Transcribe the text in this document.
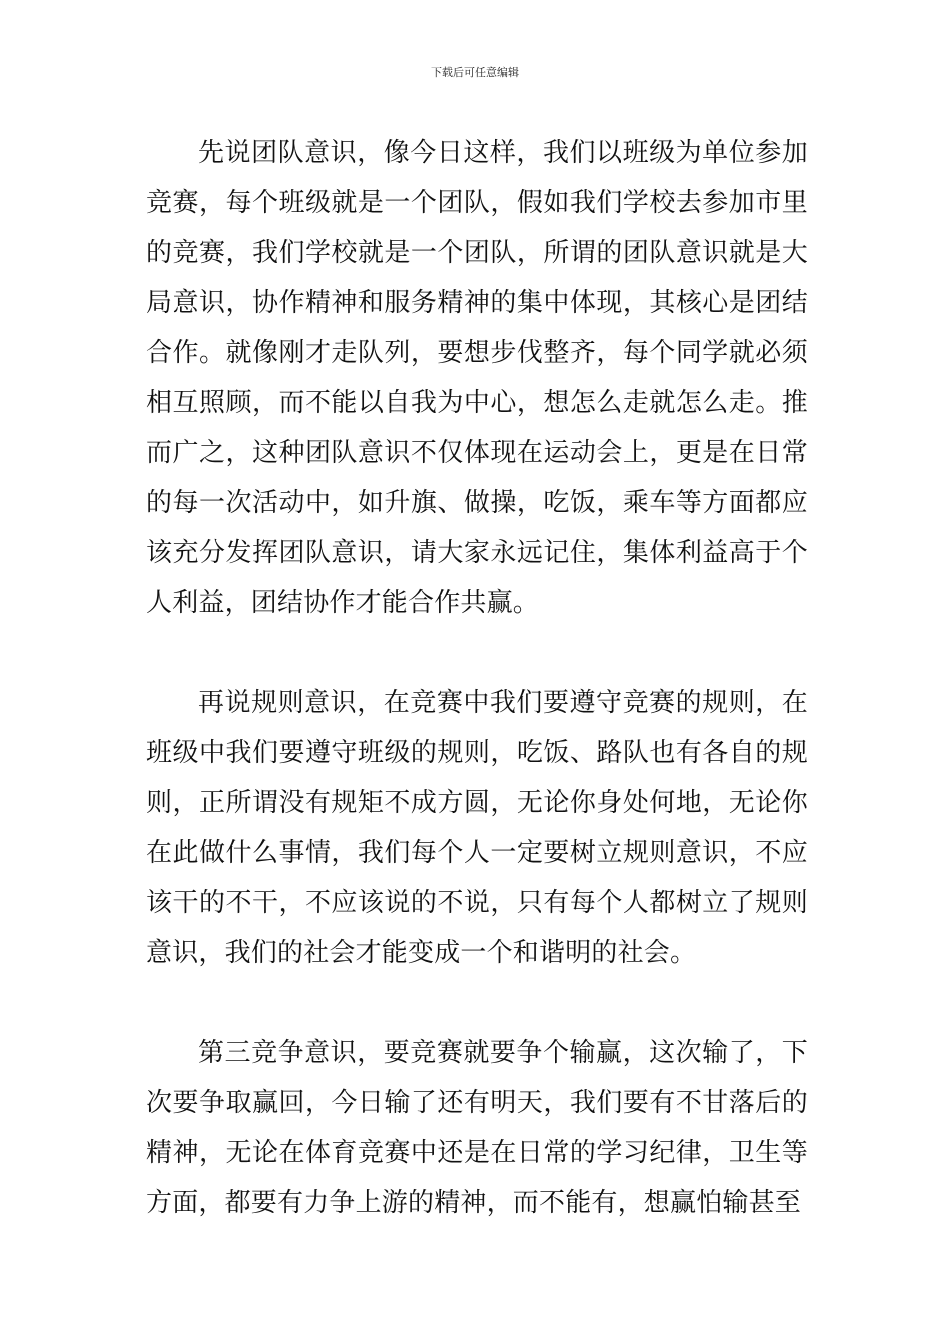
下载后可任意编辑

先说团队意识，像今日这样，我们以班级为单位参加竞赛，每个班级就是一个团队，假如我们学校去参加市里的竞赛，我们学校就是一个团队，所谓的团队意识就是大局意识，协作精神和服务精神的集中体现，其核心是团结合作。就像刚才走队列，要想步伐整齐，每个同学就必须相互照顾，而不能以自我为中心，想怎么走就怎么走。推而广之，这种团队意识不仅体现在运动会上，更是在日常的每一次活动中，如升旗、做操，吃饭，乘车等方面都应该充分发挥团队意识，请大家永远记住，集体利益高于个人利益，团结协作才能合作共赢。

再说规则意识，在竞赛中我们要遵守竞赛的规则，在班级中我们要遵守班级的规则，吃饭、路队也有各自的规则，正所谓没有规矩不成方圆，无论你身处何地，无论你在此做什么事情，我们每个人一定要树立规则意识，不应该干的不干，不应该说的不说，只有每个人都树立了规则意识，我们的社会才能变成一个和谐明的社会。

第三竞争意识，要竞赛就要争个输赢，这次输了，下次要争取赢回，今日输了还有明天，我们要有不甘落后的精神，无论在体育竞赛中还是在日常的学习纪律，卫生等方面，都要有力争上游的精神，而不能有，想赢怕输甚至
